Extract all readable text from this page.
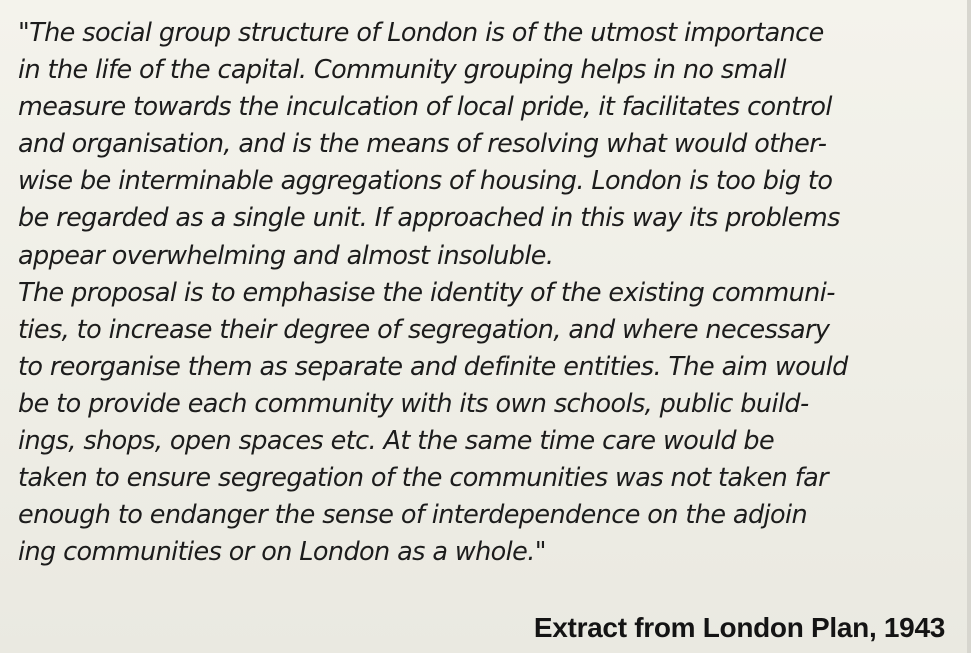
"The social group structure of London is of the utmost importance
in the life of the capital. Community grouping helps in no small
measure towards the inculcation of local pride, it facilitates control
and organisation, and is the means of resolving what would other-
wise be interminable aggregations of housing. London is too big to
be regarded as a single unit. If approached in this way its problems
appear overwhelming and almost insoluble.
The proposal is to emphasise the identity of the existing communi-
ties, to increase their degree of segregation, and where necessary
to reorganise them as separate and definite entities. The aim would
be to provide each community with its own schools, public build-
ings, shops, open spaces etc. At the same time care would be
taken to ensure segregation of the communities was not taken far
enough to endanger the sense of interdependence on the adjoin
ing communities or on London as a whole."
Extract from London Plan, 1943
